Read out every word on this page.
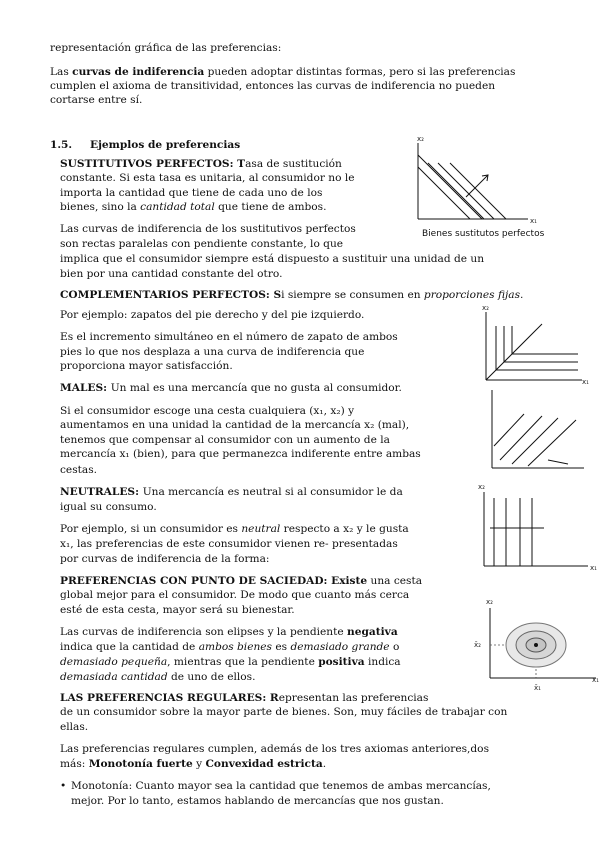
representación gráfica de las preferencias:
Las curvas de indiferencia pueden adoptar distintas formas, pero si las preferencias
cumplen el axioma de transitividad, entonces las curvas de indiferencia no pueden
cortarse entre sí.
1.5. Ejemplos de preferencias
SUSTITUTIVOS PERFECTOS: Tasa de sustitución
constante. Si esta tasa es unitaria, al consumidor no le
importa la cantidad que tiene de cada uno de los
bienes, sino la cantidad total que tiene de ambos.
Las curvas de indiferencia de los sustitutivos perfectos
son rectas paralelas con pendiente constante, lo que
implica que el consumidor siempre está dispuesto a sustituir una unidad de un
bien por una cantidad constante del otro.
x₂
x₁
Bienes sustitutos perfectos
COMPLEMENTARIOS PERFECTOS: Si siempre se consumen en proporciones fijas.
Por ejemplo: zapatos del pie derecho y del pie izquierdo.
Es el incremento simultáneo en el número de zapato de ambos
pies lo que nos desplaza a una curva de indiferencia que
proporciona mayor satisfacción.
x₂
x₁
MALES: Un mal es una mercancía que no gusta al consumidor.
Si el consumidor escoge una cesta cualquiera (x₁, x₂) y
aumentamos en una unidad la cantidad de la mercancía x₂ (mal),
tenemos que compensar al consumidor con un aumento de la
mercancía x₁ (bien), para que permanezca indiferente entre ambas
cestas.
NEUTRALES: Una mercancía es neutral si al consumidor le da
igual su consumo.
Por ejemplo, si un consumidor es neutral respecto a x₂ y le gusta
x₁, las preferencias de este consumidor vienen re- presentadas
por curvas de indiferencia de la forma:
x₂
x₁
PREFERENCIAS CON PUNTO DE SACIEDAD: Existe una cesta
global mejor para el consumidor. De modo que cuanto más cerca
esté de esta cesta, mayor será su bienestar.
Las curvas de indiferencia son elipses y la pendiente negativa
indica que la cantidad de ambos bienes es demasiado grande o
demasiado pequeña, mientras que la pendiente positiva indica
demasiada cantidad de uno de ellos.
x₂
x₁
x̄₂
x̄₁
LAS PREFERENCIAS REGULARES: Representan las preferencias
de un consumidor sobre la mayor parte de bienes. Son, muy fáciles de trabajar con
ellas.
Las preferencias regulares cumplen, además de los tres axiomas anteriores,dos
más: Monotonía fuerte y Convexidad estricta.
• Monotonía: Cuanto mayor sea la cantidad que tenemos de ambas mercancías,
mejor. Por lo tanto, estamos hablando de mercancías que nos gustan.
